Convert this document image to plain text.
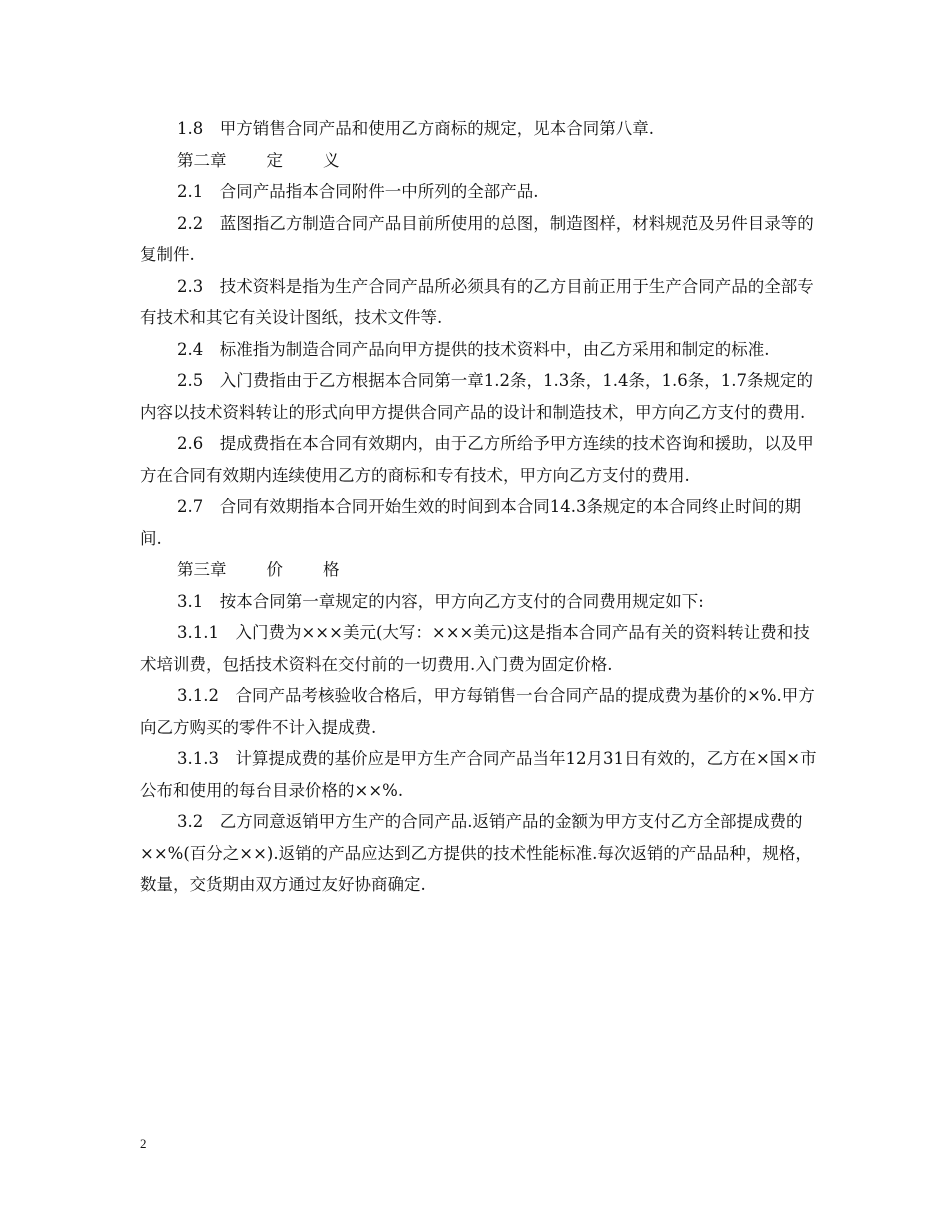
1.8　甲方销售合同产品和使用乙方商标的规定，见本合同第八章.

第二章 定 义

2.1　合同产品指本合同附件一中所列的全部产品.

2.2　蓝图指乙方制造合同产品目前所使用的总图，制造图样，材料规范及另件目录等的复制件.

2.3　技术资料是指为生产合同产品所必须具有的乙方目前正用于生产合同产品的全部专有技术和其它有关设计图纸，技术文件等.

2.4　标准指为制造合同产品向甲方提供的技术资料中，由乙方采用和制定的标准.

2.5　入门费指由于乙方根据本合同第一章1.2条，1.3条，1.4条，1.6条，1.7条规定的内容以技术资料转让的形式向甲方提供合同产品的设计和制造技术，甲方向乙方支付的费用.

2.6　提成费指在本合同有效期内，由于乙方所给予甲方连续的技术咨询和援助，以及甲方在合同有效期内连续使用乙方的商标和专有技术，甲方向乙方支付的费用.

2.7　合同有效期指本合同开始生效的时间到本合同14.3条规定的本合同终止时间的期间.

第三章 价 格

3.1　按本合同第一章规定的内容，甲方向乙方支付的合同费用规定如下:

3.1.1　入门费为×××美元(大写：×××美元)这是指本合同产品有关的资料转让费和技术培训费，包括技术资料在交付前的一切费用.入门费为固定价格.

3.1.2　合同产品考核验收合格后，甲方每销售一台合同产品的提成费为基价的×%.甲方向乙方购买的零件不计入提成费.

3.1.3　计算提成费的基价应是甲方生产合同产品当年12月31日有效的，乙方在×国×市公布和使用的每台目录价格的××%.

3.2　乙方同意返销甲方生产的合同产品.返销产品的金额为甲方支付乙方全部提成费的××%(百分之××).返销的产品应达到乙方提供的技术性能标准.每次返销的产品品种，规格，数量，交货期由双方通过友好协商确定.

2
